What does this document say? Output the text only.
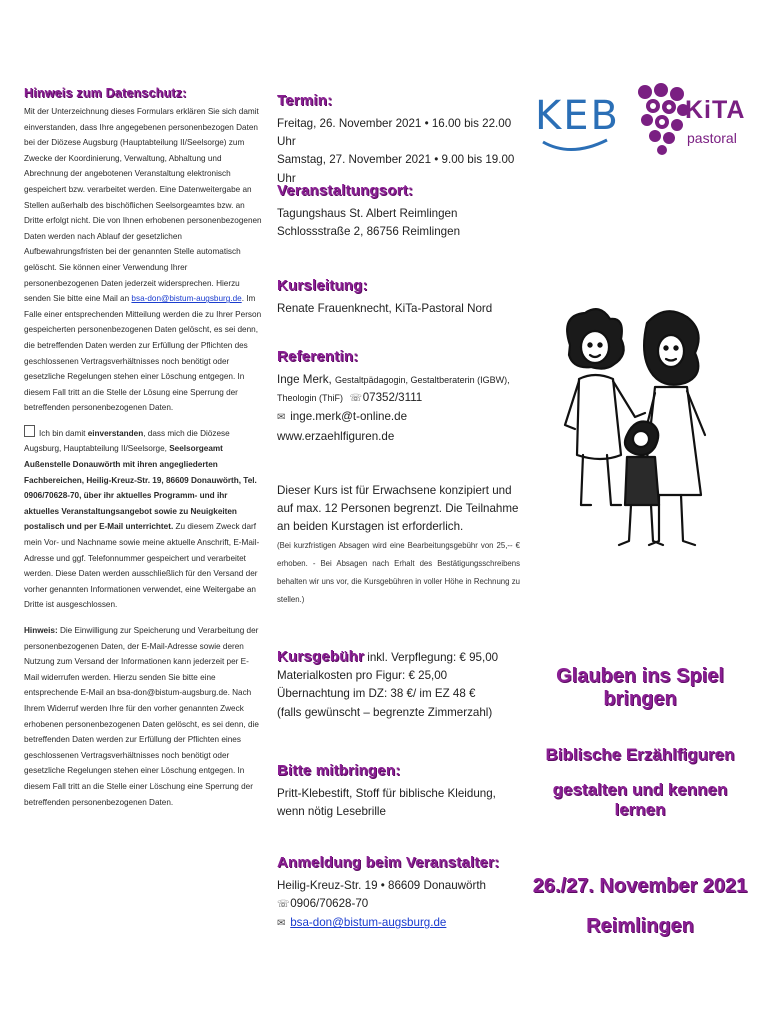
Hinweis zum Datenschutz:
Mit der Unterzeichnung dieses Formulars erklären Sie sich damit einverstanden, dass Ihre angegebenen personenbezogen Daten bei der Diözese Augsburg (Hauptabteilung II/Seelsorge) zum Zwecke der Koordinierung, Verwaltung, Abhaltung und Abrechnung der angebotenen Veranstaltung elektronisch gespeichert bzw. verarbeitet werden. Eine Datenweitergabe an Stellen außerhalb des bischöflichen Seelsorgeamtes bzw. an Dritte erfolgt nicht. Die von Ihnen erhobenen personenbezogenen Daten werden nach Ablauf der gesetzlichen Aufbewahrungsfristen bei der genannten Stelle automatisch gelöscht. Sie können einer Verwendung Ihrer personenbezogenen Daten jederzeit widersprechen. Hierzu senden Sie bitte eine Mail an bsa-don@bistum-augsburg.de. Im Falle einer entsprechenden Mitteilung werden die zu Ihrer Person gespeicherten personenbezogenen Daten gelöscht, es sei denn, die betreffenden Daten werden zur Erfüllung der Pflichten des geschlossenen Vertragsverhältnisses noch benötigt oder gesetzliche Regelungen stehen einer Löschung entgegen. In diesem Fall tritt an die Stelle der Lösung eine Sperrung der betreffenden personenbezogenen Daten.
Ich bin damit einverstanden, dass mich die Diözese Augsburg, Hauptabteilung II/Seelsorge, Seelsorgeamt Außenstelle Donauwörth mit ihren angegliederten Fachbereichen, Heilig-Kreuz-Str. 19, 86609 Donauwörth, Tel. 0906/70628-70, über ihr aktuelles Programm- und ihr aktuelles Veranstaltungsangebot sowie zu Neuigkeiten postalisch und per E-Mail unterrichtet. Zu diesem Zweck darf mein Vor- und Nachname sowie meine aktuelle Anschrift, E-Mail-Adresse und ggf. Telefonnummer gespeichert und verarbeitet werden. Diese Daten werden ausschließlich für den Versand der vorher genannten Informationen verwendet, eine Weitergabe an Dritte ist ausgeschlossen.
Hinweis: Die Einwilligung zur Speicherung und Verarbeitung der personenbezogenen Daten, der E-Mail-Adresse sowie deren Nutzung zum Versand der Informationen kann jederzeit per E-Mail widerrufen werden. Hierzu senden Sie bitte eine entsprechende E-Mail an bsa-don@bistum-augsburg.de. Nach Ihrem Widerruf werden Ihre für den vorher genannten Zweck erhobenen personenbezogenen Daten gelöscht, es sei denn, die betreffenden Daten werden zur Erfüllung der Pflichten eines geschlossenen Vertragsverhältnisses noch benötigt oder gesetzliche Regelungen stehen einer Löschung entgegen. In diesem Fall tritt an die Stelle einer Löschung eine Sperrung der betreffenden personenbezogenen Daten.
Termin:
Freitag, 26. November 2021 • 16.00 bis 22.00 Uhr
Samstag, 27. November 2021 • 9.00 bis 19.00 Uhr
Veranstaltungsort:
Tagungshaus St. Albert Reimlingen
Schlossstraße 2, 86756 Reimlingen
Kursleitung:
Renate Frauenknecht, KiTa-Pastoral Nord
Referentin:
Inge Merk, Gestaltpädagogin, Gestaltberaterin (IGBW),
Theologin (ThiF) ☏ 07352/3111
✉ inge.merk@t-online.de
www.erzaehlfiguren.de
Dieser Kurs ist für Erwachsene konzipiert und auf max. 12 Personen begrenzt. Die Teilnahme an beiden Kurstagen ist erforderlich.
(Bei kurzfristigen Absagen wird eine Bearbeitungsgebühr von 25,-- € erhoben. - Bei Absagen nach Erhalt des Bestätigungsschreibens behalten wir uns vor, die Kursgebühren in voller Höhe in Rechnung zu stellen.)
Kursgebühr inkl. Verpflegung: € 95,00
Materialkosten pro Figur: € 25,00
Übernachtung im DZ: 38 €/ im EZ 48 €
(falls gewünscht – begrenzte Zimmerzahl)
Bitte mitbringen:
Pritt-Klebestift, Stoff für biblische Kleidung,
wenn nötig Lesebrille
Anmeldung beim Veranstalter:
Heilig-Kreuz-Str. 19 • 86609 Donauwörth
☏ 0906/70628-70
✉ bsa-don@bistum-augsburg.de
KEB	KiTA
pastoral
Glauben ins Spiel bringen
Biblische Erzählfiguren
gestalten und kennen lernen
26./27. November 2021
Reimlingen
